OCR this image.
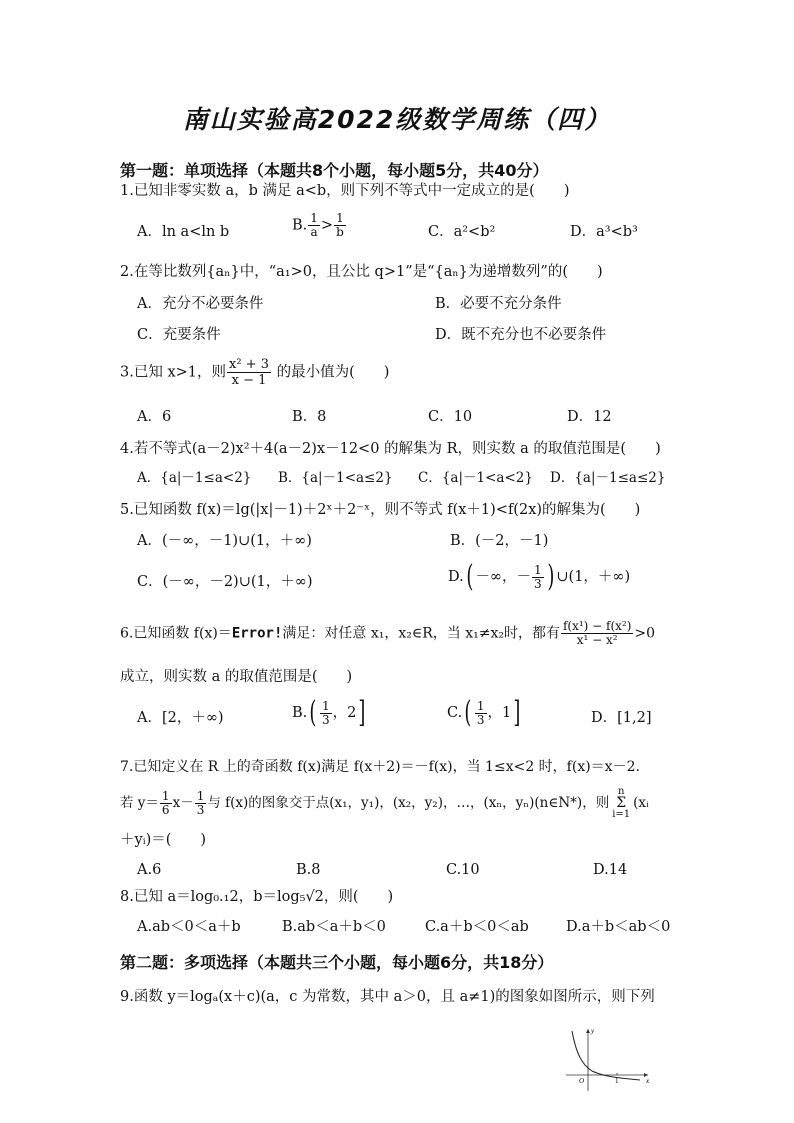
南山实验高2022级数学周练（四）
第一题：单项选择（本题共8个小题，每小题5分，共40分）
1.已知非零实数 a，b 满足 a<b，则下列不等式中一定成立的是(　　)
A．ln a<ln b	B. $\frac{1}{a} > \frac{1}{b}$	C．a²<b²	D．a³<b³
2.在等比数列{aₙ}中，“a₁>0，且公比 q>1”是“{aₙ}为递增数列”的(　　)
A．充分不必要条件	B．必要不充分条件
C．充要条件	D．既不充分也不必要条件
3.已知 x>1，则 $\frac{\text{x² + 3}}{x - 1}$ 的最小值为(　　)
A．6	B．8	C．10	D．12
4.若不等式(a－2)x²＋4(a－2)x－12<0 的解集为 R，则实数 a 的取值范围是(　　)
A．{a|－1≤a<2} B．{a|－1<a≤2} C．{a|－1<a<2} D．{a|－1≤a≤2}
5.已知函数 f(x)＝lg(|x|－1)＋2ˣ＋2⁻ˣ，则不等式 f(x＋1)<f(2x)的解集为(　　)
A．(－∞，－1)∪(1，＋∞)	B．(－2，－1)
C．(－∞，－2)∪(1，＋∞)	D.( －∞，－ $\frac{1}{3}$ ) ∪(1，＋∞)
6.已知函数 f(x)＝Error!满足：对任意 x₁，x₂∈R，当 x₁≠x₂时，都有 $\frac{\text{f(x¹) − f(x²)}}{\text{x¹ − x²}} >0$
成立，则实数 a 的取值范围是(　　)
A．[2，＋∞)	$B.( \frac{1}{3}$ ，2]	$C.( \frac{1}{3}$ ，1]	D．[1,2]
7.已知定义在 R 上的奇函数 f(x)满足 f(x＋2)＝－f(x)，当 1≤x<2 时，f(x)＝x－2.
若 $y= \frac{1}{6} x- \frac{1}{3}$ 与 f(x)的图象交于点(x₁，y₁)，(x₂，y₂)，…，(xₙ，yₙ)(n∈N*)，则
n
Σ
i=1
(xᵢ
＋yᵢ)＝(　　)
A.6	B.8	C.10	D.14
8.已知 a＝log₀.₁2，b＝log₅√2，则(　　)
A.ab＜0＜a＋b	B.ab＜a＋b＜0	C.a＋b＜0＜ab	D.a＋b＜ab＜0
第二题：多项选择（本题共三个小题，每小题6分，共18分）
9.函数 y＝logₐ(x＋c)(a，c 为常数，其中 a＞0，且 a≠1)的图象如图所示，则下列
y
x
O	1
